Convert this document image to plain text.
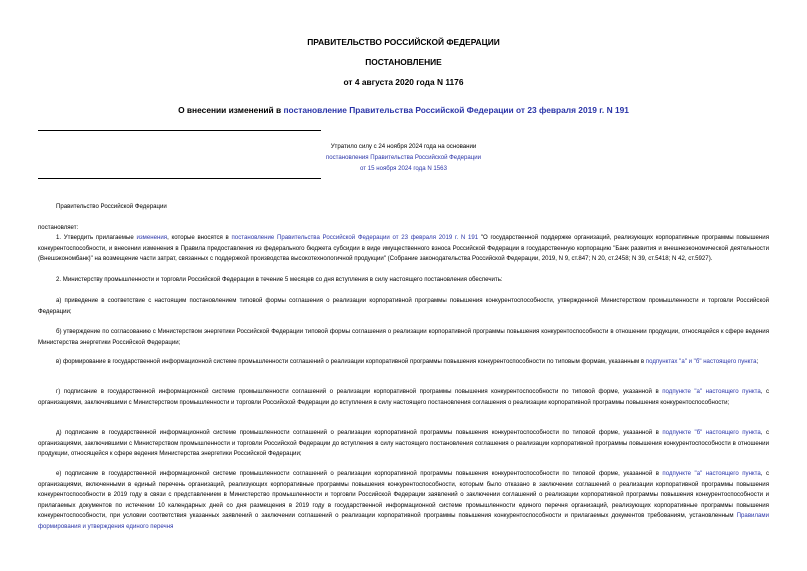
ПРАВИТЕЛЬСТВО РОССИЙСКОЙ ФЕДЕРАЦИИ
ПОСТАНОВЛЕНИЕ
от 4 августа 2020 года N 1176
О внесении изменений в постановление Правительства Российской Федерации от 23 февраля 2019 г. N 191
Утратило силу с 24 ноября 2024 года на основании
постановления Правительства Российской Федерации
от 15 ноября 2024 года N 1563
Правительство Российской Федерации
постановляет:
1. Утвердить прилагаемые изменения, которые вносятся в постановление Правительства Российской Федерации от 23 февраля 2019 г. N 191 "О государственной поддержке организаций, реализующих корпоративные программы повышения конкурентоспособности, и внесении изменения в Правила предоставления из федерального бюджета субсидии в виде имущественного взноса Российской Федерации в государственную корпорацию "Банк развития и внешнеэкономической деятельности (Внешэкономбанк)" на возмещение части затрат, связанных с поддержкой производства высокотехнологичной продукции" (Собрание законодательства Российской Федерации, 2019, N 9, ст.847; N 20, ст.2458; N 39, ст.5418; N 42, ст.5927).
2. Министерству промышленности и торговли Российской Федерации в течение 5 месяцев со дня вступления в силу настоящего постановления обеспечить:
а) приведение в соответствие с настоящим постановлением типовой формы соглашения о реализации корпоративной программы повышения конкурентоспособности, утвержденной Министерством промышленности и торговли Российской Федерации;
б) утверждение по согласованию с Министерством энергетики Российской Федерации типовой формы соглашения о реализации корпоративной программы повышения конкурентоспособности в отношении продукции, относящейся к сфере ведения Министерства энергетики Российской Федерации;
в) формирование в государственной информационной системе промышленности соглашений о реализации корпоративной программы повышения конкурентоспособности по типовым формам, указанным в подпунктах "а" и "б" настоящего пункта;
г) подписание в государственной информационной системе промышленности соглашений о реализации корпоративной программы повышения конкурентоспособности по типовой форме, указанной в подпункте "а" настоящего пункта, с организациями, заключившими с Министерством промышленности и торговли Российской Федерации до вступления в силу настоящего постановления соглашения о реализации корпоративной программы повышения конкурентоспособности;
д) подписание в государственной информационной системе промышленности соглашений о реализации корпоративной программы повышения конкурентоспособности по типовой форме, указанной в подпункте "б" настоящего пункта, с организациями, заключившими с Министерством промышленности и торговли Российской Федерации до вступления в силу настоящего постановления соглашения о реализации корпоративной программы повышения конкурентоспособности в отношении продукции, относящейся к сфере ведения Министерства энергетики Российской Федерации;
е) подписание в государственной информационной системе промышленности соглашений о реализации корпоративной программы повышения конкурентоспособности по типовой форме, указанной в подпункте "а" настоящего пункта, с организациями, включенными в единый перечень организаций, реализующих корпоративные программы повышения конкурентоспособности, которым было отказано в заключении соглашений о реализации корпоративной программы повышения конкурентоспособности в 2019 году в связи с представлением в Министерство промышленности и торговли Российской Федерации заявлений о заключении соглашений о реализации корпоративной программы повышения конкурентоспособности и прилагаемых документов по истечении 10 календарных дней со дня размещения в 2019 году в государственной информационной системе промышленности единого перечня организаций, реализующих корпоративные программы повышения конкурентоспособности, при условии соответствия указанных заявлений о заключении соглашений о реализации корпоративной программы повышения конкурентоспособности и прилагаемых документов требованиям, установленным Правилами формирования и утверждения единого перечня
